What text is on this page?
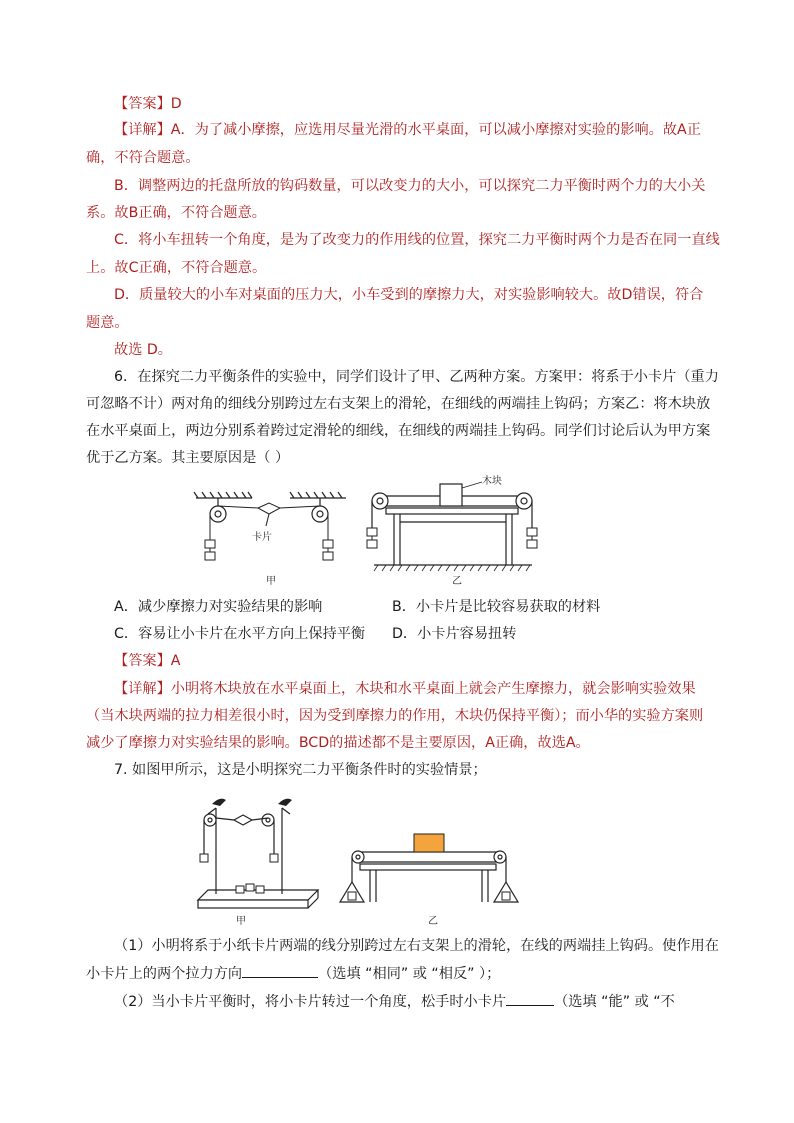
【答案】D
【详解】A．为了减小摩擦，应选用尽量光滑的水平桌面，可以减小摩擦对实验的影响。故A正
确，不符合题意。
B．调整两边的托盘所放的钩码数量，可以改变力的大小，可以探究二力平衡时两个力的大小关
系。故B正确，不符合题意。
C．将小车扭转一个角度，是为了改变力的作用线的位置，探究二力平衡时两个力是否在同一直线
上。故C正确，不符合题意。
D．质量较大的小车对桌面的压力大，小车受到的摩擦力大，对实验影响较大。故D错误，符合
题意。
故选 D。
6．在探究二力平衡条件的实验中，同学们设计了甲、乙两种方案。方案甲：将系于小卡片（重力
可忽略不计）两对角的细线分别跨过左右支架上的滑轮，在细线的两端挂上钩码；方案乙：将木块放
在水平桌面上，两边分别系着跨过定滑轮的细线，在细线的两端挂上钩码。同学们讨论后认为甲方案
优于乙方案。其主要原因是（ ）
卡片
甲
木块
乙
A．减少摩擦力对实验结果的影响	B．小卡片是比较容易获取的材料
C．容易让小卡片在水平方向上保持平衡	D．小卡片容易扭转
【答案】A
【详解】小明将木块放在水平桌面上，木块和水平桌面上就会产生摩擦力，就会影响实验效果
（当木块两端的拉力相差很小时，因为受到摩擦力的作用，木块仍保持平衡）；而小华的实验方案则
减少了摩擦力对实验结果的影响。BCD的描述都不是主要原因，A正确，故选A。
7. 如图甲所示，这是小明探究二力平衡条件时的实验情景；
甲	乙
（1）小明将系于小纸卡片两端的线分别跨过左右支架上的滑轮，在线的两端挂上钩码。使作用在
小卡片上的两个拉力方向	（选填 “相同” 或 “相反” ）；
（2）当小卡片平衡时，将小卡片转过一个角度，松手时小卡片	（选填 “能” 或 “不
